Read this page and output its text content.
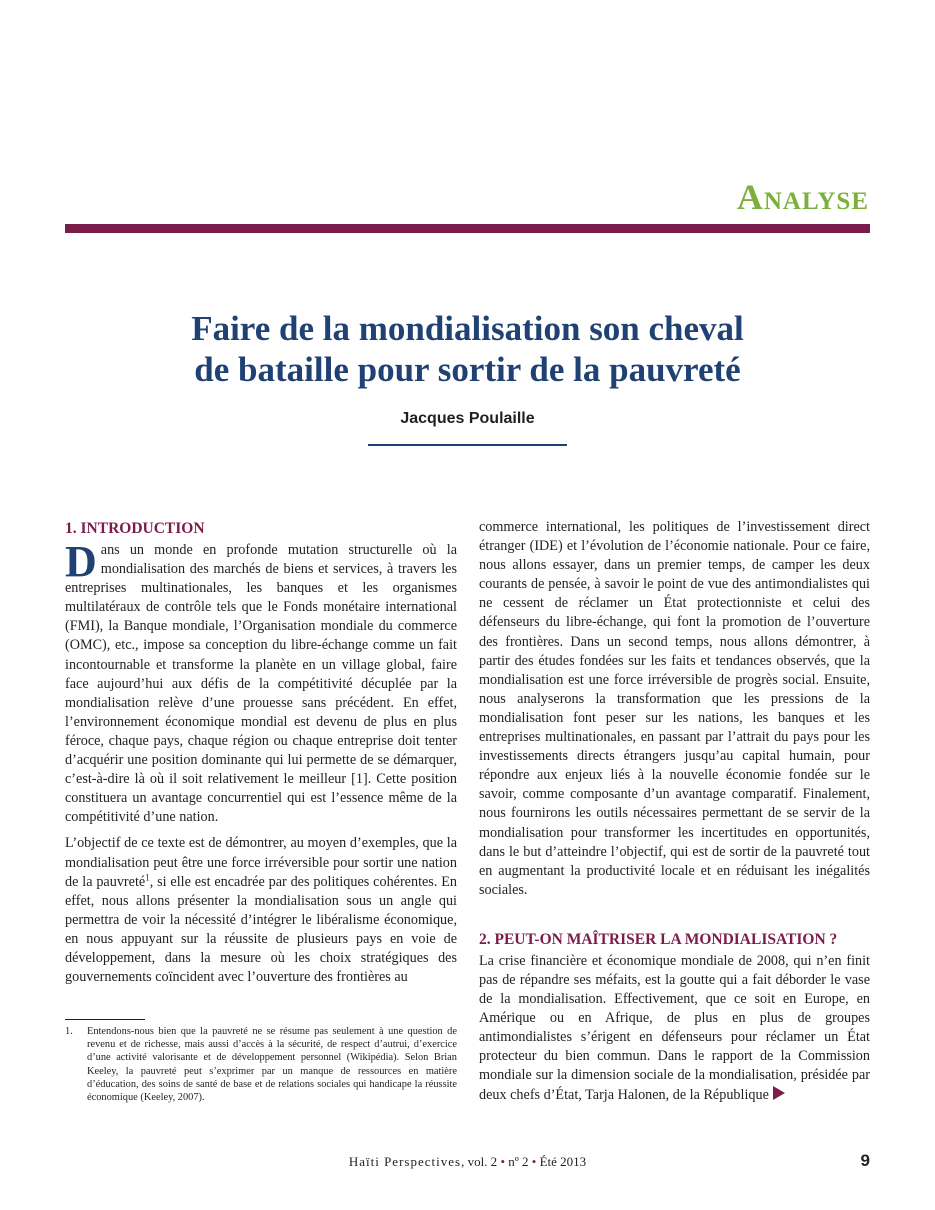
Analyse
Faire de la mondialisation son cheval
de bataille pour sortir de la pauvreté
Jacques Poulaille
1. INTRODUCTION

Dans un monde en profonde mutation structurelle où la mondialisation des marchés de biens et services, à travers les entreprises multinationales, les banques et les organismes multilatéraux de contrôle tels que le Fonds monétaire international (FMI), la Banque mondiale, l’Organisation mondiale du commerce (OMC), etc., impose sa conception du libre-échange comme un fait incontournable et transforme la planète en un village global, faire face aujourd’hui aux défis de la compétitivité décuplée par la mondialisation relève d’une prouesse sans précédent. En effet, l’environnement économique mondial est devenu de plus en plus féroce, chaque pays, chaque région ou chaque entreprise doit tenter d’acquérir une position dominante qui lui permette de se démarquer, c’est-à-dire là où il soit relativement le meilleur [1]. Cette position constituera un avantage concurrentiel qui est l’essence même de la compétitivité d’une nation.

L’objectif de ce texte est de démontrer, au moyen d’exemples, que la mondialisation peut être une force irréversible pour sortir une nation de la pauvreté$^1$, si elle est encadrée par des politiques cohérentes. En effet, nous allons présenter la mondialisation sous un angle qui permettra de voir la nécessité d’intégrer le libéralisme économique, en nous appuyant sur la réussite de plusieurs pays en voie de développement, dans la mesure où les choix stratégiques des gouvernements coïncident avec l’ouverture des frontières au

commerce international, les politiques de l’investissement direct étranger (IDE) et l’évolution de l’économie nationale. Pour ce faire, nous allons essayer, dans un premier temps, de camper les deux courants de pensée, à savoir le point de vue des antimondialistes qui ne cessent de réclamer un État protectionniste et celui des défenseurs du libre-échange, qui font la promotion de l’ouverture des frontières. Dans un second temps, nous allons démontrer, à partir des études fondées sur les faits et tendances observés, que la mondialisation est une force irréversible de progrès social. Ensuite, nous analyserons la transformation que les pressions de la mondialisation font peser sur les nations, les banques et les entreprises multinationales, en passant par l’attrait du pays pour les investissements directs étrangers jusqu’au capital humain, pour répondre aux enjeux liés à la nouvelle économie fondée sur le savoir, comme composante d’un avantage comparatif. Finalement, nous fournirons les outils nécessaires permettant de se servir de la mondialisation pour transformer les incertitudes en opportunités, dans le but d’atteindre l’objectif, qui est de sortir de la pauvreté tout en augmentant la productivité locale et en réduisant les inégalités sociales.

2. PEUT-ON MAÎTRISER LA MONDIALISATION ?

La crise financière et économique mondiale de 2008, qui n’en finit pas de répandre ses méfaits, est la goutte qui a fait déborder le vase de la mondialisation. Effectivement, que ce soit en Europe, en Amérique ou en Afrique, de plus en plus de groupes antimondialistes s’érigent en défenseurs pour réclamer un État protecteur du bien commun. Dans le rapport de la Commission mondiale sur la dimension sociale de la mondialisation, présidée par deux chefs d’État, Tarja Halonen, de la République

1. Entendons-nous bien que la pauvreté ne se résume pas seulement à une question de revenu et de richesse, mais aussi d’accès à la sécurité, de respect d’autrui, d’exercice d’une activité valorisante et de développement personnel (Wikipédia). Selon Brian Keeley, la pauvreté peut s’exprimer par un manque de ressources en matière d’éducation, des soins de santé de base et de relations sociales qui handicape la réussite économique (Keeley, 2007).
Haïti Perspectives, vol. 2 • nº 2 • Été 2013	9
